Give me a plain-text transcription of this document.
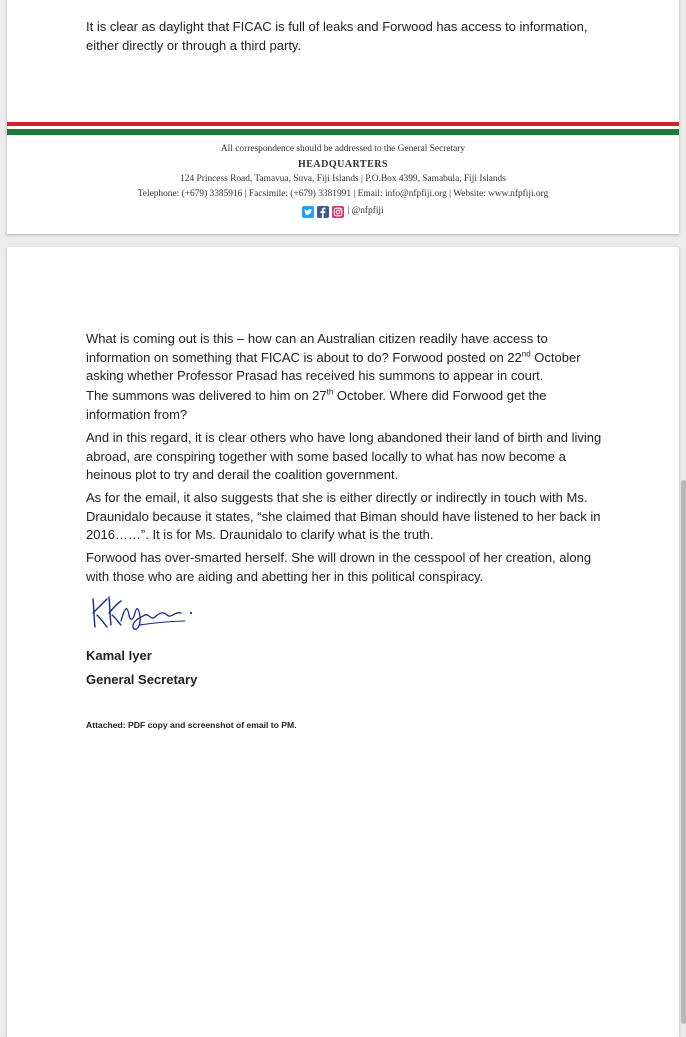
It is clear as daylight that FICAC is full of leaks and Forwood has access to information, either directly or through a third party.

All correspondence should be addressed to the General Secretary
HEADQUARTERS
124 Princess Road, Tamavua, Suva, Fiji Islands | P.O.Box 4399, Samabula, Fiji Islands
Telephone: (+679) 3385916 | Facsimile: (+679) 3381991 | Email: info@nfpfiji.org | Website: www.nfpfiji.org
| @nfpfiji

What is coming out is this – how can an Australian citizen readily have access to information on something that FICAC is about to do? Forwood posted on 22nd October asking whether Professor Prasad has received his summons to appear in court.

The summons was delivered to him on 27th October. Where did Forwood get the information from?

And in this regard, it is clear others who have long abandoned their land of birth and living abroad, are conspiring together with some based locally to what has now become a heinous plot to try and derail the coalition government.

As for the email, it also suggests that she is either directly or indirectly in touch with Ms. Draunidalo because it states, “she claimed that Biman should have listened to her back in 2016……”. It is for Ms. Draunidalo to clarify what is the truth.

Forwood has over-smarted herself. She will drown in the cesspool of her creation, along with those who are aiding and abetting her in this political conspiracy.

Kamal Iyer
General Secretary
Attached: PDF copy and screenshot of email to PM.
